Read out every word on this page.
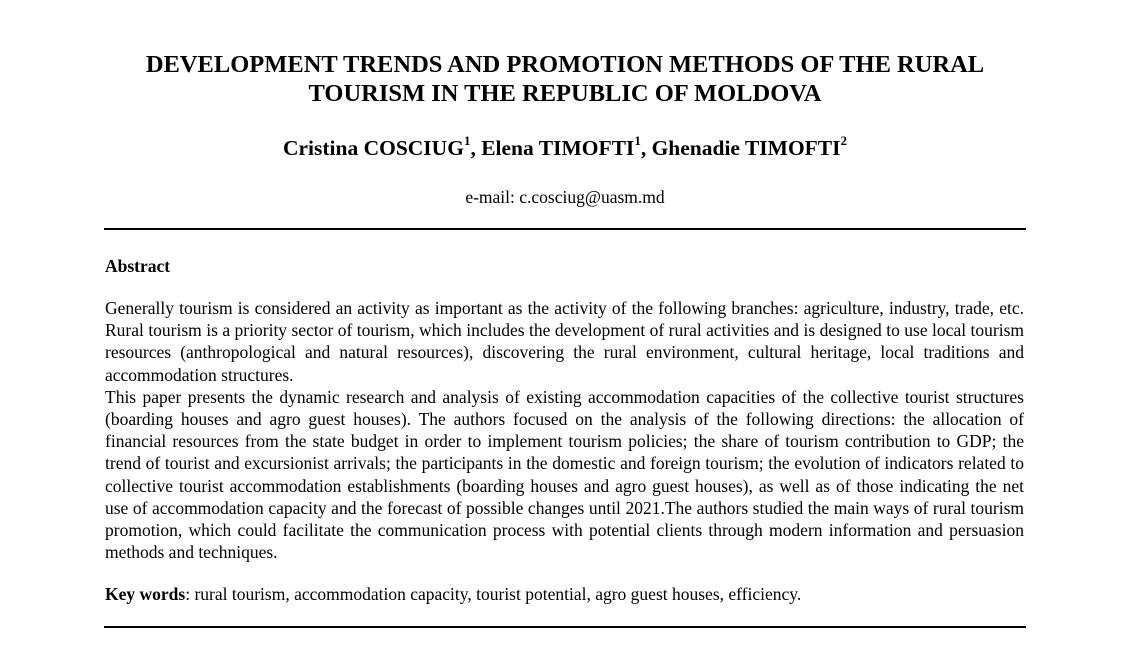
DEVELOPMENT TRENDS AND PROMOTION METHODS OF THE RURAL
TOURISM IN THE REPUBLIC OF MOLDOVA
Cristina COSCIUG$^1$, Elena TIMOFTI$^1$, Ghenadie TIMOFTI$^2$
e-mail: c.cosciug@uasm.md
Abstract

Generally tourism is considered an activity as important as the activity of the following branches: agriculture, industry, trade, etc. Rural tourism is a priority sector of tourism, which includes the development of rural activities and is designed to use local tourism resources (anthropological and natural resources), discovering the rural environment, cultural heritage, local traditions and accommodation structures.

This paper presents the dynamic research and analysis of existing accommodation capacities of the collective tourist structures (boarding houses and agro guest houses). The authors focused on the analysis of the following directions: the allocation of financial resources from the state budget in order to implement tourism policies; the share of tourism contribution to GDP; the trend of tourist and excursionist arrivals; the participants in the domestic and foreign tourism; the evolution of indicators related to collective tourist accommodation establishments (boarding houses and agro guest houses), as well as of those indicating the net use of accommodation capacity and the forecast of possible changes until 2021.The authors studied the main ways of rural tourism promotion, which could facilitate the communication process with potential clients through modern information and persuasion methods and techniques.

Key words: rural tourism, accommodation capacity, tourist potential, agro guest houses, efficiency.
